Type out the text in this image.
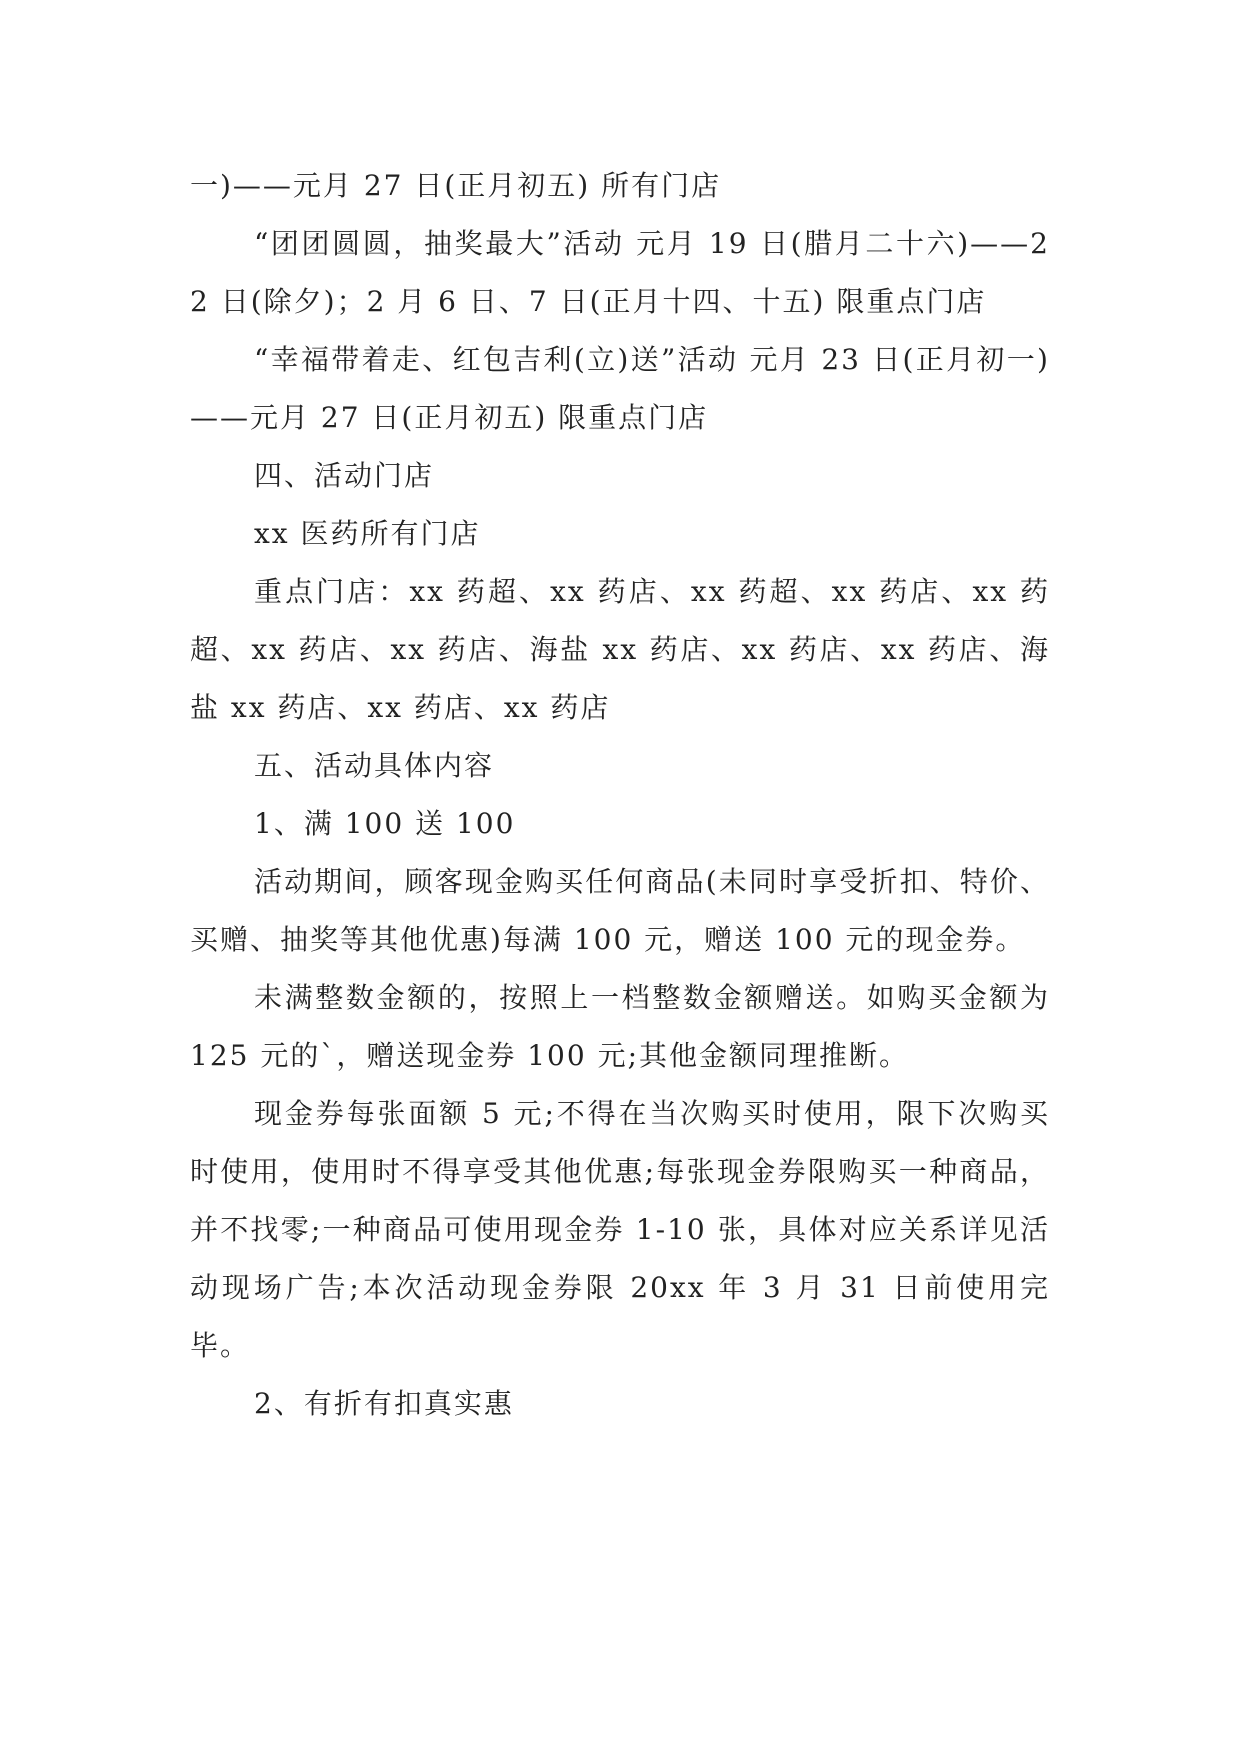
一)——元月 27 日(正月初五) 所有门店

“团团圆圆，抽奖最大”活动 元月 19 日(腊月二十六)——22 日(除夕)；2 月 6 日、7 日(正月十四、十五) 限重点门店

“幸福带着走、红包吉利(立)送”活动 元月 23 日(正月初一)——元月 27 日(正月初五) 限重点门店

四、活动门店

xx 医药所有门店

重点门店：xx 药超、xx 药店、xx 药超、xx 药店、xx 药超、xx 药店、xx 药店、海盐 xx 药店、xx 药店、xx 药店、海盐 xx 药店、xx 药店、xx 药店

五、活动具体内容

1、满 100 送 100

活动期间，顾客现金购买任何商品(未同时享受折扣、特价、买赠、抽奖等其他优惠)每满 100 元，赠送 100 元的现金券。

未满整数金额的，按照上一档整数金额赠送。如购买金额为 125 元的`，赠送现金券 100 元;其他金额同理推断。

现金券每张面额 5 元;不得在当次购买时使用，限下次购买时使用，使用时不得享受其他优惠;每张现金券限购买一种商品，并不找零;一种商品可使用现金券 1-10 张，具体对应关系详见活动现场广告;本次活动现金券限 20xx 年 3 月 31 日前使用完毕。

2、有折有扣真实惠
